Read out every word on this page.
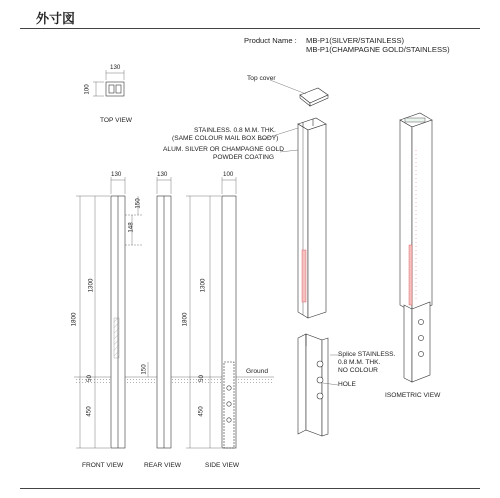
外寸図
Product Name : MB-P1(SILVER/STAINLESS)
MB-P1(CHAMPAGNE GOLD/STAINLESS)
TOP VIEW
FRONT VIEW	REAR VIEW	SIDE VIEW
ISOMETRIC VIEW
130
100
130
150
148
1300
1800
50
450
130
150
100
1300
1800
50
450
Top cover
STAINLESS. 0.8 M.M. THK.
(SAME COLOUR MAIL BOX BODY)
ALUM. SILVER OR CHAMPAGNE GOLD
POWDER COATING
Ground
Splice STAINLESS.
0.8 M.M. THK.
NO COLOUR
HOLE
